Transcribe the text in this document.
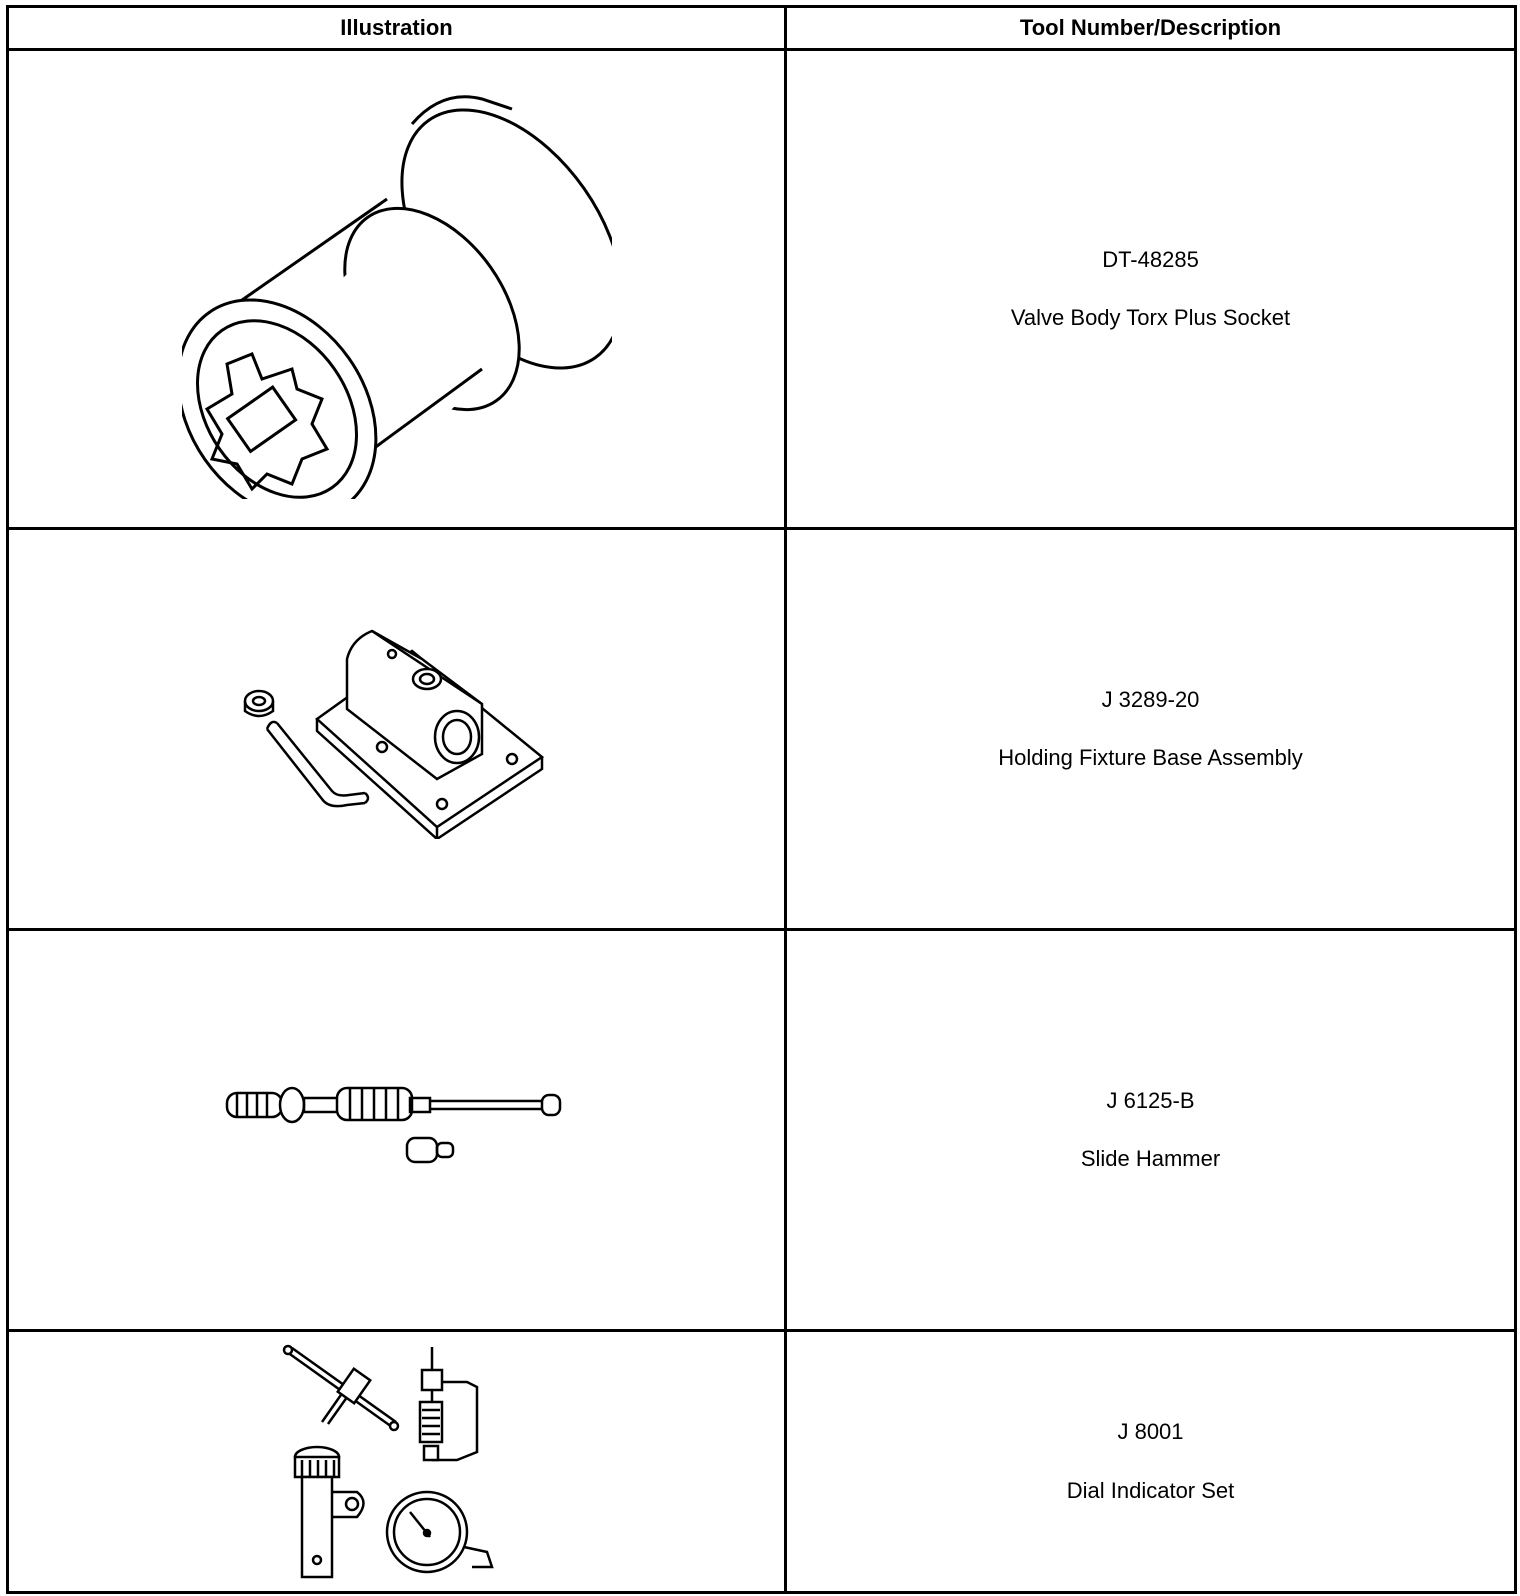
Illustration	Tool Number/Description

DT-48285
Valve Body Torx Plus Socket

J 3289-20
Holding Fixture Base Assembly

J 6125-B
Slide Hammer

J 8001
Dial Indicator Set
